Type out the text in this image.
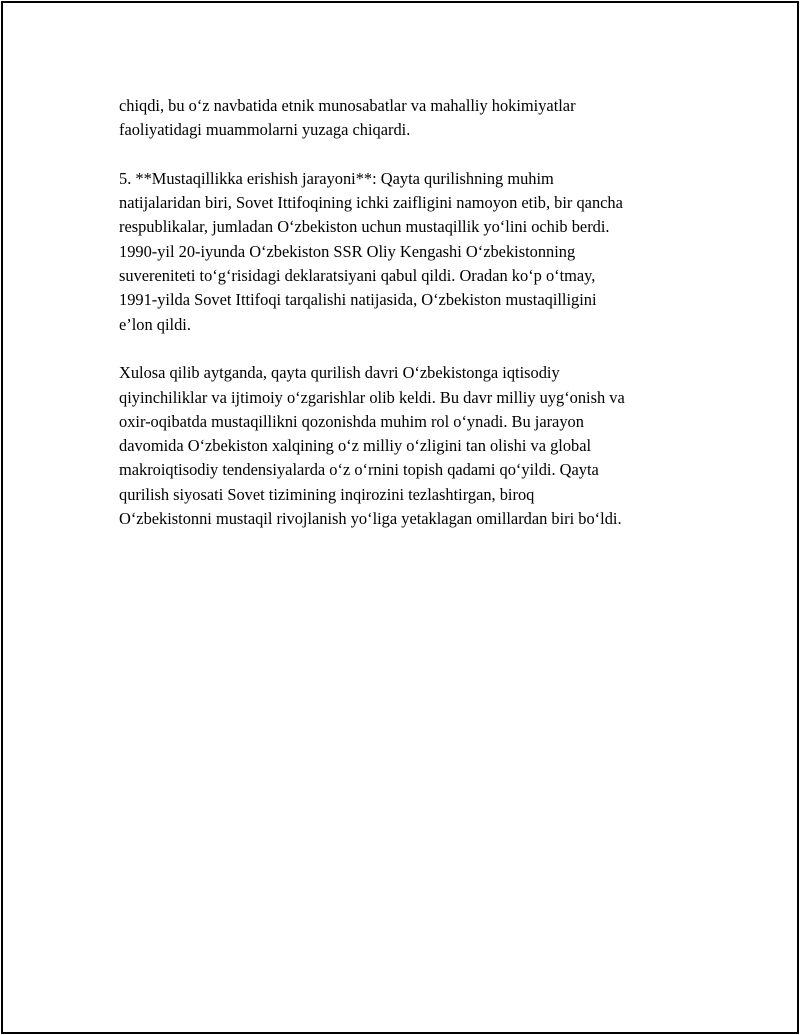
chiqdi, bu o‘z navbatida etnik munosabatlar va mahalliy hokimiyatlar
faoliyatidagi muammolarni yuzaga chiqardi.

5. **Mustaqillikka erishish jarayoni**: Qayta qurilishning muhim
natijalaridan biri, Sovet Ittifoqining ichki zaifligini namoyon etib, bir qancha
respublikalar, jumladan O‘zbekiston uchun mustaqillik yo‘lini ochib berdi.
1990-yil 20-iyunda O‘zbekiston SSR Oliy Kengashi O‘zbekistonning
suvereniteti to‘g‘risidagi deklaratsiyani qabul qildi. Oradan ko‘p o‘tmay,
1991-yilda Sovet Ittifoqi tarqalishi natijasida, O‘zbekiston mustaqilligini
e’lon qildi.

Xulosa qilib aytganda, qayta qurilish davri O‘zbekistonga iqtisodiy
qiyinchiliklar va ijtimoiy o‘zgarishlar olib keldi. Bu davr milliy uyg‘onish va
oxir-oqibatda mustaqillikni qozonishda muhim rol o‘ynadi. Bu jarayon
davomida O‘zbekiston xalqining o‘z milliy o‘zligini tan olishi va global
makroiqtisodiy tendensiyalarda o‘z o‘rnini topish qadami qo‘yildi. Qayta
qurilish siyosati Sovet tizimining inqirozini tezlashtirgan, biroq
O‘zbekistonni mustaqil rivojlanish yo‘liga yetaklagan omillardan biri bo‘ldi.
